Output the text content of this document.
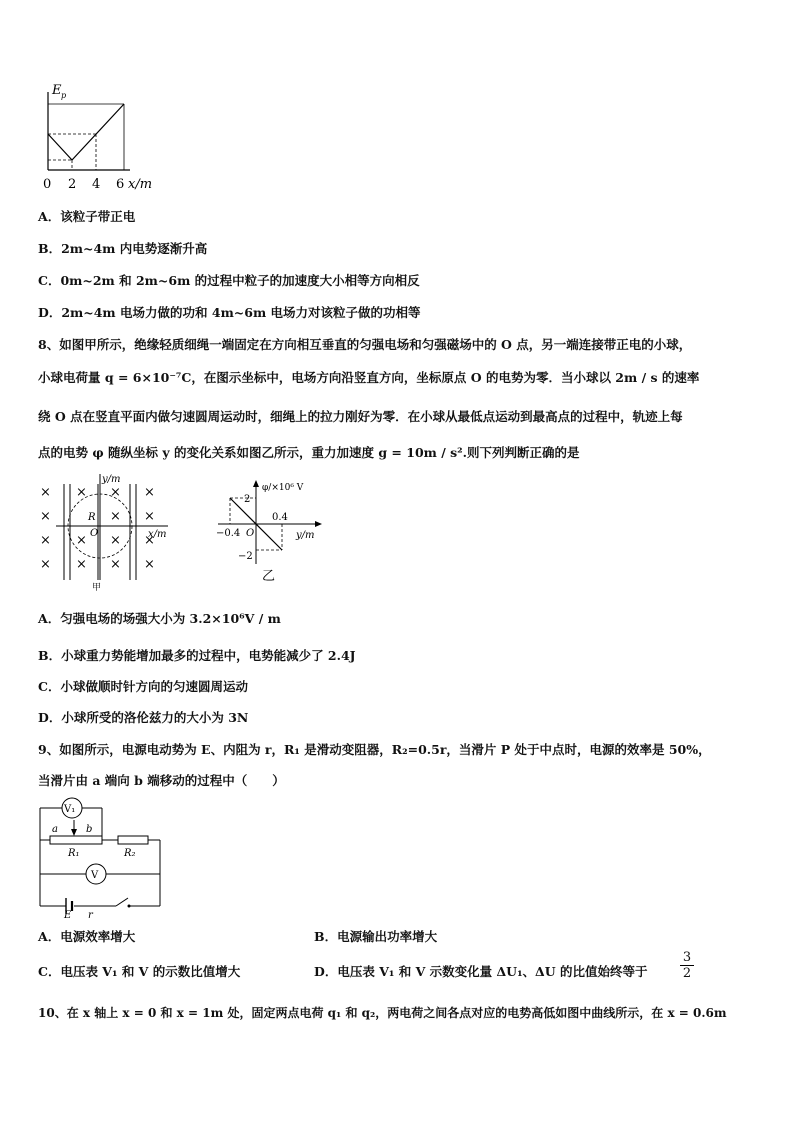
E p
0 2 4 6 x/m
A．该粒子带正电
B．2m~4m 内电势逐渐升高
C．0m~2m 和 2m~6m 的过程中粒子的加速度大小相等方向相反
D．2m~4m 电场力做的功和 4m~6m 电场力对该粒子做的功相等
8、如图甲所示，绝缘轻质细绳一端固定在方向相互垂直的匀强电场和匀强磁场中的 O 点，另一端连接带正电的小球，
小球电荷量 q = 6×10⁻⁷C，在图示坐标中，电场方向沿竖直方向，坐标原点 O 的电势为零．当小球以 2m / s 的速率
绕 O 点在竖直平面内做匀速圆周运动时，细绳上的拉力刚好为零．在小球从最低点运动到最高点的过程中，轨迹上每
点的电势 φ 随纵坐标 y 的变化关系如图乙所示，重力加速度 g = 10m / s².则下列判断正确的是
×
×
×
×
×
×
×
×
×
×
×
×
×
×
×
y/m
x/m
R
O
甲
φ/×10⁶ V
y/m
2
−2
−0.4
0.4
O
乙
A．匀强电场的场强大小为 3.2×10⁶V / m
B．小球重力势能增加最多的过程中，电势能减少了 2.4J
C．小球做顺时针方向的匀速圆周运动
D．小球所受的洛伦兹力的大小为 3N
9、如图所示，电源电动势为 E、内阻为 r，R₁ 是滑动变阻器，R₂=0.5r，当滑片 P 处于中点时，电源的效率是 50%，
当滑片由 a 端向 b 端移动的过程中（　　）
V₁
V
a	b
R₁	R₂
E r
A．电源效率增大	B．电源输出功率增大
C．电压表 V₁ 和 V 的示数比值增大	D．电压表 V₁ 和 V 示数变化量 ΔU₁、ΔU 的比值始终等于	$\frac{3}{2}$
10、在 x 轴上 x = 0 和 x = 1m 处，固定两点电荷 q₁ 和 q₂，两电荷之间各点对应的电势高低如图中曲线所示，在 x = 0.6m
